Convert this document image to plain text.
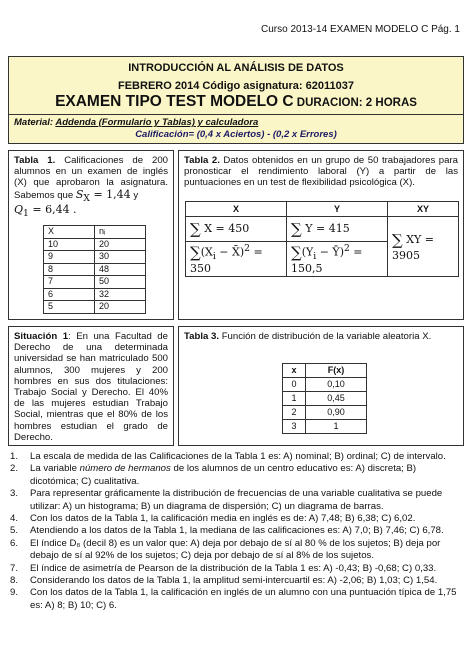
Curso 2013-14 EXAMEN MODELO C Pág. 1
INTRODUCCIÓN AL ANÁLISIS DE DATOS
FEBRERO 2014 Código asignatura: 62011037
EXAMEN TIPO TEST MODELO C DURACION: 2 HORAS
Material: Addenda (Formulario y Tablas) y calculadora
Calificación= (0,4 x Aciertos) - (0,2 x Errores)
Tabla 1. Calificaciones de 200 alumnos en un examen de inglés (X) que aprobaron la asignatura. Sabemos que $S_X = 1,44$ y
$Q_1 = 6,44$ .
X	nᵢ
10	20
9	30
8	48
7	50
6	32
5	20
Tabla 2. Datos obtenidos en un grupo de 50 trabajadores para pronosticar el rendimiento laboral (Y) a partir de las puntuaciones en un test de flexibilidad psicológica (X).
X	Y	XY
∑ X = 450	∑ Y = 415	∑ XY = 3905
$\sum(X_i$ − X̄)$^2$ = 350	$\sum(Y_i$ − Ȳ)$^2$ = 150,5	
Situación 1: En una Facultad de Derecho de una determinada universidad se han matriculado 500 alumnos, 300 mujeres y 200 hombres en sus dos titulaciones: Trabajo Social y Derecho. El 40% de las mujeres estudian Trabajo Social, mientras que el 80% de los hombres estudian el grado de Derecho.
Tabla 3. Función de distribución de la variable aleatoria X.
x	F(x)
0	0,10
1	0,45
2	0,90
3	1
1.	La escala de medida de las Calificaciones de la Tabla 1 es: A) nominal; B) ordinal; C) de intervalo.
2.	La variable número de hermanos de los alumnos de un centro educativo es: A) discreta; B) dicotómica; C) cualitativa.
3.	Para representar gráficamente la distribución de frecuencias de una variable cualitativa se puede utilizar: A) un histograma; B) un diagrama de dispersión; C) un diagrama de barras.
4.	Con los datos de la Tabla 1, la calificación media en inglés es de: A) 7,48; B) 6,38; C) 6,02.
5.	Atendiendo a los datos de la Tabla 1, la mediana de las calificaciones es: A) 7,0; B) 7,46; C) 6,78.
6.	El índice D₈ (decil 8) es un valor que: A) deja por debajo de sí al 80 % de los sujetos; B) deja por debajo de sí al 92% de los sujetos; C) deja por debajo de sí al 8% de los sujetos.
7.	El índice de asimetría de Pearson de la distribución de la Tabla 1 es: A) -0,43; B) -0,68; C) 0,33.
8.	Considerando los datos de la Tabla 1, la amplitud semi-intercuartil es: A) -2,06; B) 1,03; C) 1,54.
9.	Con los datos de la Tabla 1, la calificación en inglés de un alumno con una puntuación típica de 1,75 es: A) 8; B) 10; C) 6.
